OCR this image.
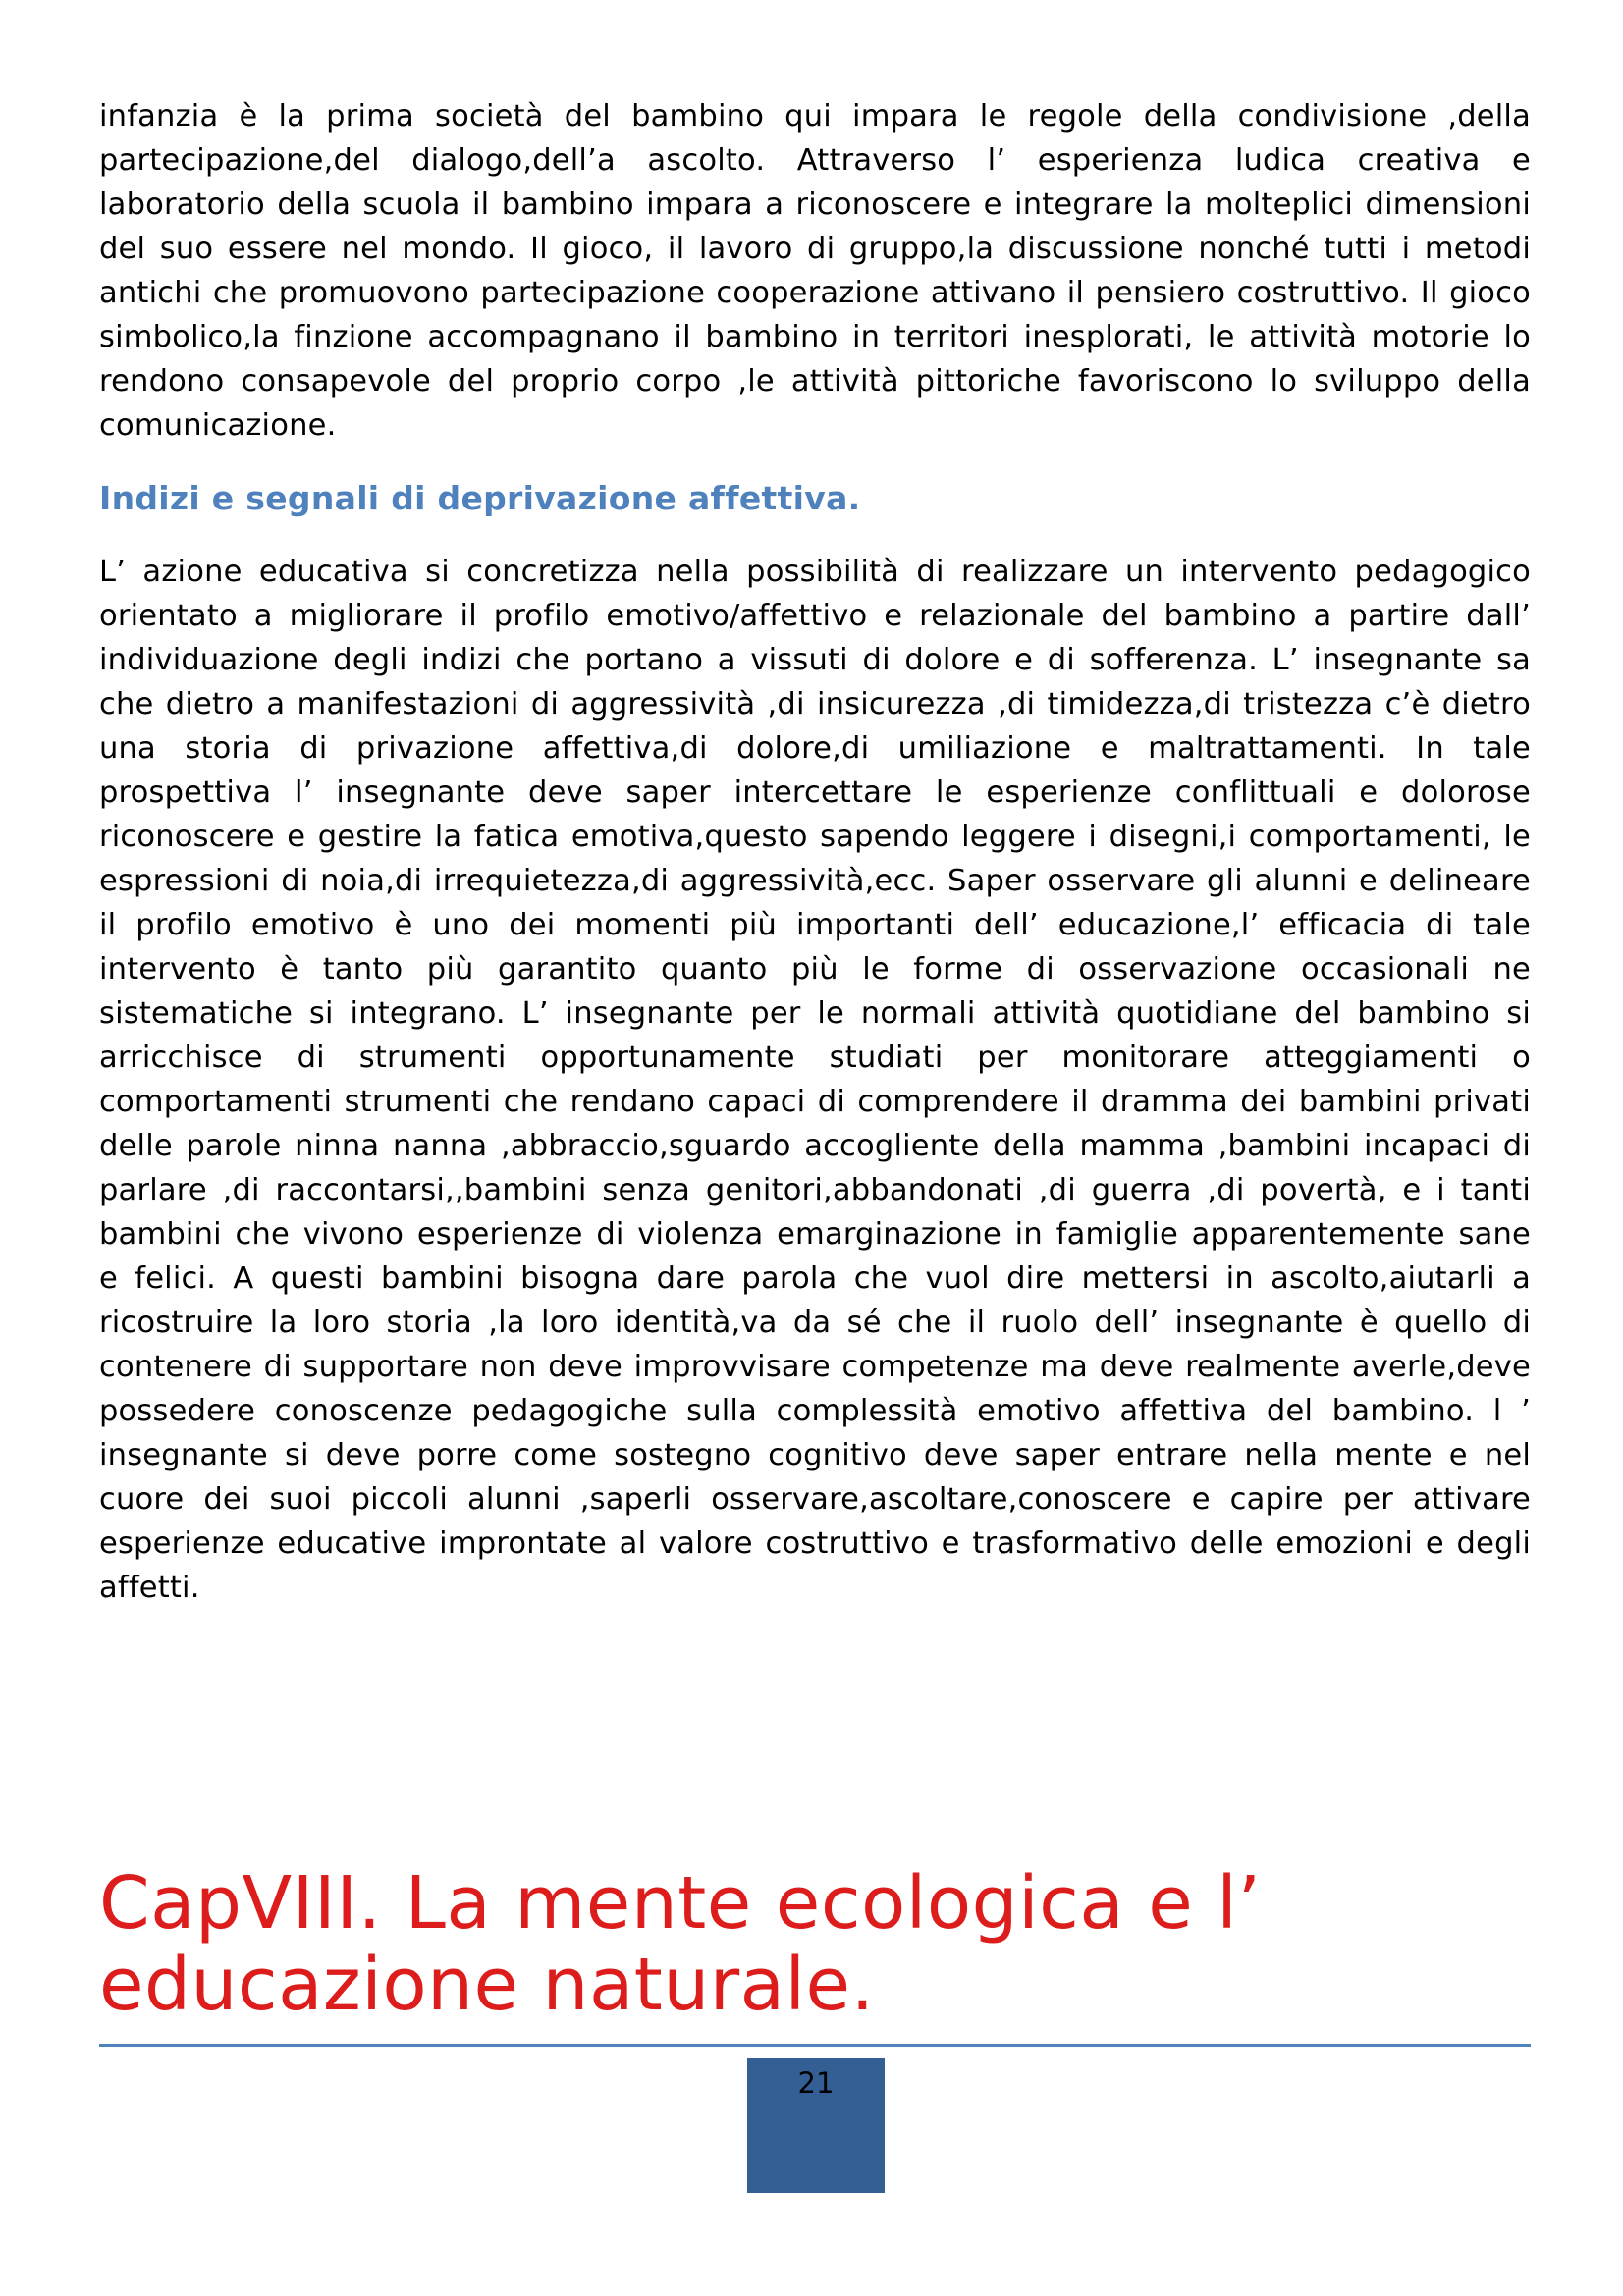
infanzia è la prima società del bambino qui impara le regole della condivisione ,della partecipazione,del dialogo,dell’a ascolto. Attraverso l’ esperienza ludica creativa e laboratorio della scuola il bambino impara a riconoscere e integrare la molteplici dimensioni del suo essere nel mondo. Il gioco, il lavoro di gruppo,la discussione nonché tutti i metodi antichi che promuovono partecipazione cooperazione attivano il pensiero costruttivo. Il gioco simbolico,la finzione accompagnano il bambino in territori inesplorati, le attività motorie lo rendono consapevole del proprio corpo ,le attività pittoriche favoriscono lo sviluppo della comunicazione.

Indizi e segnali di deprivazione affettiva.

L’ azione educativa si concretizza nella possibilità di realizzare un intervento pedagogico orientato a migliorare il profilo emotivo/affettivo e relazionale del bambino a partire dall’ individuazione degli indizi che portano a vissuti di dolore e di sofferenza. L’ insegnante sa che dietro a manifestazioni di aggressività ,di insicurezza ,di timidezza,di tristezza c’è dietro una storia di privazione affettiva,di dolore,di umiliazione e maltrattamenti. In tale prospettiva l’ insegnante deve saper intercettare le esperienze conflittuali e dolorose riconoscere e gestire la fatica emotiva,questo sapendo leggere i disegni,i comportamenti, le espressioni di noia,di irrequietezza,di aggressività,ecc. Saper osservare gli alunni e delineare il profilo emotivo è uno dei momenti più importanti dell’ educazione,l’ efficacia di tale intervento è tanto più garantito quanto più le forme di osservazione occasionali ne sistematiche si integrano. L’ insegnante per le normali attività quotidiane del bambino si arricchisce di strumenti opportunamente studiati per monitorare atteggiamenti o comportamenti strumenti che rendano capaci di comprendere il dramma dei bambini privati delle parole ninna nanna ,abbraccio,sguardo accogliente della mamma ,bambini incapaci di parlare ,di raccontarsi,,bambini senza genitori,abbandonati ,di guerra ,di povertà, e i tanti bambini che vivono esperienze di violenza emarginazione in famiglie apparentemente sane e felici. A questi bambini bisogna dare parola che vuol dire mettersi in ascolto,aiutarli a ricostruire la loro storia ,la loro identità,va da sé che il ruolo dell’ insegnante è quello di contenere di supportare non deve improvvisare competenze ma deve realmente averle,deve possedere conoscenze pedagogiche sulla complessità emotivo affettiva del bambino. l ’ insegnante si deve porre come sostegno cognitivo deve saper entrare nella mente e nel cuore dei suoi piccoli alunni ,saperli osservare,ascoltare,conoscere e capire per attivare esperienze educative improntate al valore costruttivo e trasformativo delle emozioni e degli affetti.

CapVIII. La mente ecologica e l’ educazione naturale.
21
